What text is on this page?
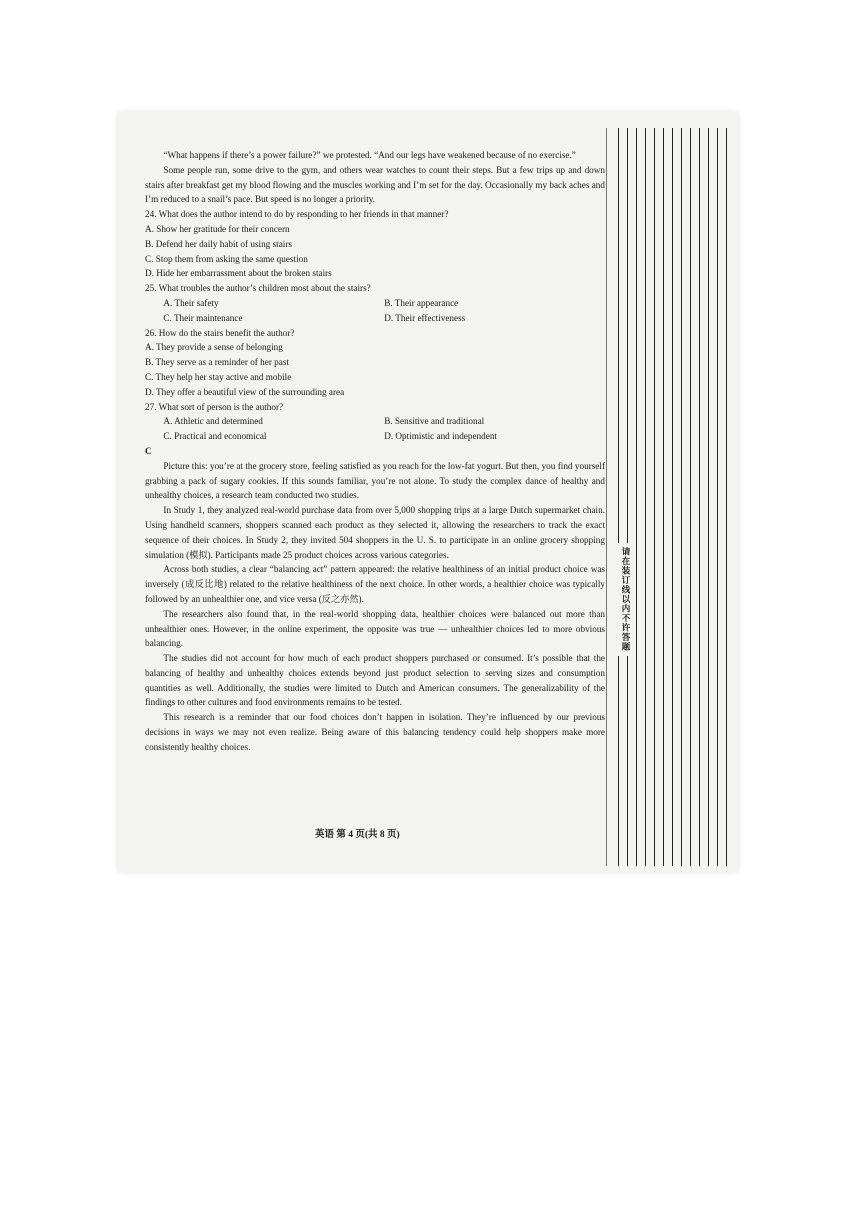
“What happens if there’s a power failure?” we protested. “And our legs have weakened because of no exercise.”

Some people run, some drive to the gym, and others wear watches to count their steps. But a few trips up and down stairs after breakfast get my blood flowing and the muscles working and I’m set for the day. Occasionally my back aches and I’m reduced to a snail’s pace. But speed is no longer a priority.

24. What does the author intend to do by responding to her friends in that manner?

A. Show her gratitude for their concern

B. Defend her daily habit of using stairs

C. Stop them from asking the same question

D. Hide her embarrassment about the broken stairs

25. What troubles the author’s children most about the stairs?

A. Their safety	B. Their appearance
C. Their maintenance	D. Their effectiveness

26. How do the stairs benefit the author?

A. They provide a sense of belonging

B. They serve as a reminder of her past

C. They help her stay active and mobile

D. They offer a beautiful view of the surrounding area

27. What sort of person is the author?

A. Athletic and determined	B. Sensitive and traditional
C. Practical and economical	D. Optimistic and independent

C

Picture this: you’re at the grocery store, feeling satisfied as you reach for the low-fat yogurt. But then, you find yourself grabbing a pack of sugary cookies. If this sounds familiar, you’re not alone. To study the complex dance of healthy and unhealthy choices, a research team conducted two studies.

In Study 1, they analyzed real-world purchase data from over 5,000 shopping trips at a large Dutch supermarket chain. Using handheld scanners, shoppers scanned each product as they selected it, allowing the researchers to track the exact sequence of their choices. In Study 2, they invited 504 shoppers in the U. S. to participate in an online grocery shopping simulation (模拟). Participants made 25 product choices across various categories.

Across both studies, a clear “balancing act” pattern appeared: the relative healthiness of an initial product choice was inversely (成反比地) related to the relative healthiness of the next choice. In other words, a healthier choice was typically followed by an unhealthier one, and vice versa (反之亦然).

The researchers also found that, in the real-world shopping data, healthier choices were balanced out more than unhealthier ones. However, in the online experiment, the opposite was true — unhealthier choices led to more obvious balancing.

The studies did not account for how much of each product shoppers purchased or consumed. It’s possible that the balancing of healthy and unhealthy choices extends beyond just product selection to serving sizes and consumption quantities as well. Additionally, the studies were limited to Dutch and American consumers. The generalizability of the findings to other cultures and food environments remains to be tested.

This research is a reminder that our food choices don’t happen in isolation. They’re influenced by our previous decisions in ways we may not even realize. Being aware of this balancing tendency could help shoppers make more consistently healthy choices.

英语 第 4 页(共 8 页)
请在装订线以内不许答题
